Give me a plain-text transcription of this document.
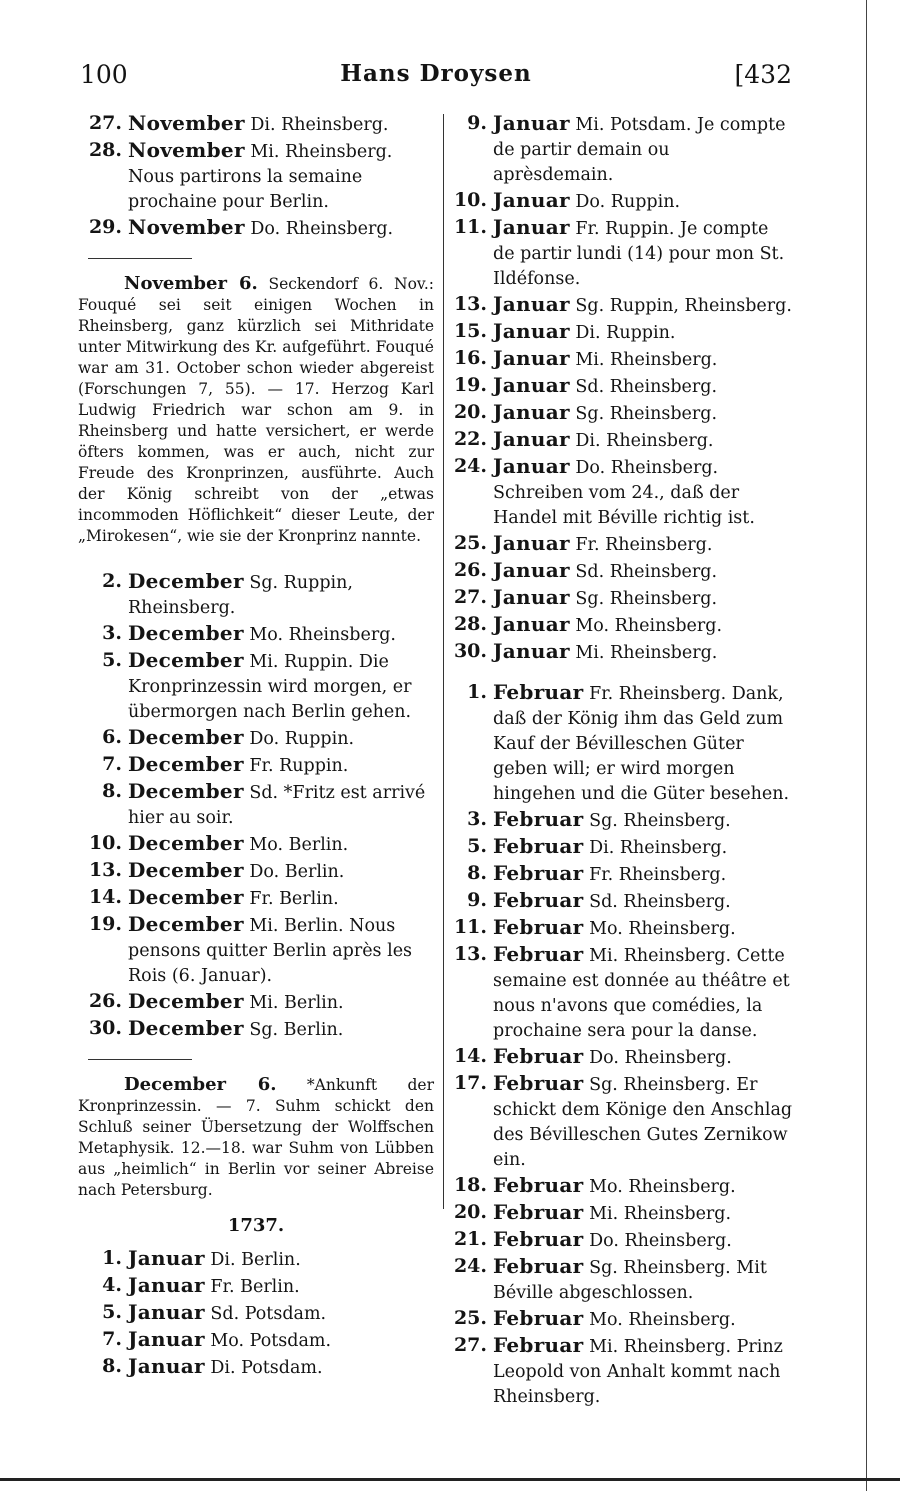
100	Hans Droysen	[432
27. November Di. Rheinsberg.
28. November Mi. Rheinsberg. Nous partirons la semaine prochaine pour Berlin.
29. November Do. Rheinsberg.
November 6. Seckendorf 6. Nov.: Fouqué sei seit einigen Wochen in Rheinsberg, ganz kürzlich sei Mithridate unter Mitwirkung des Kr. aufgeführt. Fouqué war am 31. October schon wieder abgereist (Forschungen 7, 55). — 17. Herzog Karl Ludwig Friedrich war schon am 9. in Rheinsberg und hatte versichert, er werde öfters kommen, was er auch, nicht zur Freude des Kronprinzen, ausführte. Auch der König schreibt von der „etwas incommoden Höflichkeit“ dieser Leute, der „Mirokesen“, wie sie der Kronprinz nannte.
2. December Sg. Ruppin, Rheinsberg.
3. December Mo. Rheinsberg.
5. December Mi. Ruppin. Die Kronprinzessin wird morgen, er übermorgen nach Berlin gehen.
6. December Do. Ruppin.
7. December Fr. Ruppin.
8. December Sd. *Fritz est arrivé hier au soir.
10. December Mo. Berlin.
13. December Do. Berlin.
14. December Fr. Berlin.
19. December Mi. Berlin. Nous pensons quitter Berlin après les Rois (6. Januar).
26. December Mi. Berlin.
30. December Sg. Berlin.
December 6. *Ankunft der Kronprinzessin. — 7. Suhm schickt den Schluß seiner Übersetzung der Wolffschen Metaphysik. 12.—18. war Suhm von Lübben aus „heimlich“ in Berlin vor seiner Abreise nach Petersburg.
1737.
1. Januar Di. Berlin.
4. Januar Fr. Berlin.
5. Januar Sd. Potsdam.
7. Januar Mo. Potsdam.
8. Januar Di. Potsdam.
9. Januar Mi. Potsdam. Je compte de partir demain ou aprèsdemain.
10. Januar Do. Ruppin.
11. Januar Fr. Ruppin. Je compte de partir lundi (14) pour mon St. Ildéfonse.
13. Januar Sg. Ruppin, Rheinsberg.
15. Januar Di. Ruppin.
16. Januar Mi. Rheinsberg.
19. Januar Sd. Rheinsberg.
20. Januar Sg. Rheinsberg.
22. Januar Di. Rheinsberg.
24. Januar Do. Rheinsberg. Schreiben vom 24., daß der Handel mit Béville richtig ist.
25. Januar Fr. Rheinsberg.
26. Januar Sd. Rheinsberg.
27. Januar Sg. Rheinsberg.
28. Januar Mo. Rheinsberg.
30. Januar Mi. Rheinsberg.
1. Februar Fr. Rheinsberg. Dank, daß der König ihm das Geld zum Kauf der Bévilleschen Güter geben will; er wird morgen hingehen und die Güter besehen.
3. Februar Sg. Rheinsberg.
5. Februar Di. Rheinsberg.
8. Februar Fr. Rheinsberg.
9. Februar Sd. Rheinsberg.
11. Februar Mo. Rheinsberg.
13. Februar Mi. Rheinsberg. Cette semaine est donnée au théâtre et nous n'avons que comédies, la prochaine sera pour la danse.
14. Februar Do. Rheinsberg.
17. Februar Sg. Rheinsberg. Er schickt dem Könige den Anschlag des Bévilleschen Gutes Zernikow ein.
18. Februar Mo. Rheinsberg.
20. Februar Mi. Rheinsberg.
21. Februar Do. Rheinsberg.
24. Februar Sg. Rheinsberg. Mit Béville abgeschlossen.
25. Februar Mo. Rheinsberg.
27. Februar Mi. Rheinsberg. Prinz Leopold von Anhalt kommt nach Rheinsberg.
